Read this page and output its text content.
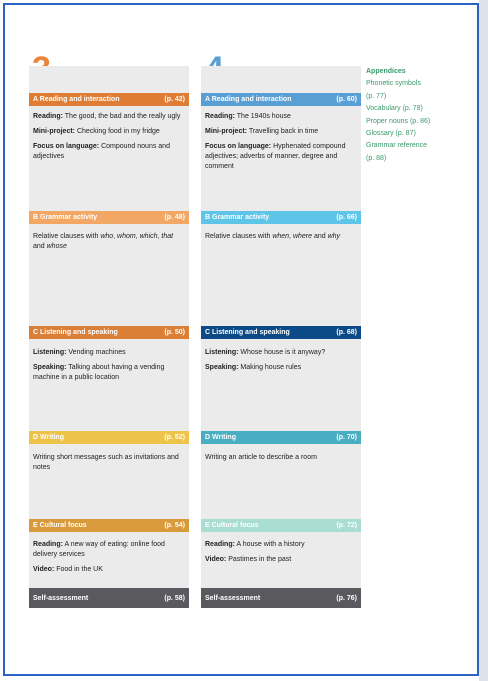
A Reading and interaction	(p. 42)

Reading: The good, the bad and the really ugly

Mini-project: Checking food in my fridge

Focus on language: Compound nouns and adjectives

B Grammar activity	(p. 48)

Relative clauses with who, whom, which, that and whose

C Listening and speaking	(p. 50)

Listening: Vending machines

Speaking: Talking about having a vending machine in a public location

D Writing	(p. 52)

Writing short messages such as invitations and notes

E Cultural focus	(p. 54)

Reading: A new way of eating: online food delivery services

Video: Food in the UK

Self-assessment	(p. 58)
A Reading and interaction	(p. 60)

Reading: The 1940s house

Mini-project: Travelling back in time

Focus on language: Hyphenated compound adjectives; adverbs of manner, degree and comment

B Grammar activity	(p. 66)

Relative clauses with when, where and why

C Listening and speaking	(p. 68)

Listening: Whose house is it anyway?

Speaking: Making house rules

D Writing	(p. 70)

Writing an article to describe a room

E Cultural focus	(p. 72)

Reading: A house with a history

Video: Pastimes in the past

Self-assessment	(p. 76)
Appendices
Phonetic symbols
(p. 77)
Vocabulary (p. 78)
Proper nouns (p. 86)
Glossary (p. 87)
Grammar reference
(p. 88)
